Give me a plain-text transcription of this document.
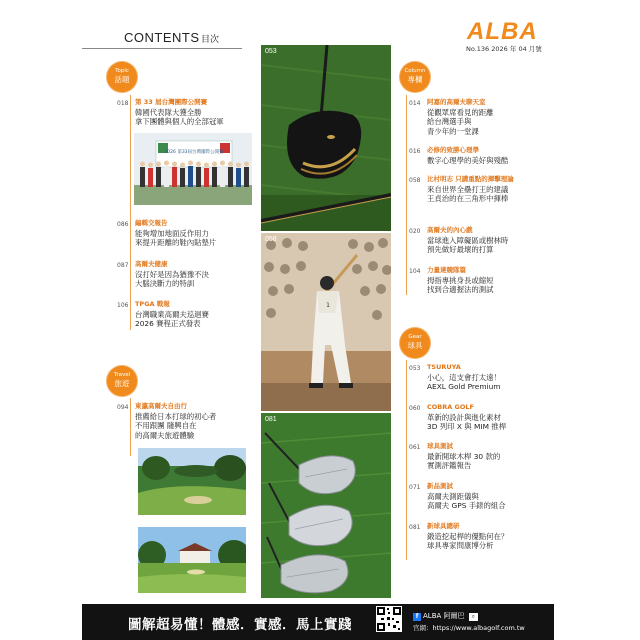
CONTENTS 目次	ALBA
No.136 2026 年 04 月號
Topic
話題
018 第 33 屆台灣團際公開賽
韓國代表隊大獲全勝
拿下團體與個人的全部冠軍
2026 第33屆台灣團際公開賽
086 編輯交報告
能夠增加地面反作用力
來提升距離的鞋內貼墊片
087 高爾夫健康
沒打好是因為猶豫不決
大腦決斷力的特訓
106 TPGA 戰報
台灣職業高爾夫巡迴賽
2026 賽程正式發表
Travel
旅遊
094 東瀛高爾夫自由行
推薦給日本打球的初心者
不用跟團 隨興自在
的高爾夫旅遊體驗
053
1
058
081
Column
專欄
014 阿嘉的高爾夫聊天室
從觀眾席看見的距離
給台灣選手與
青少年的一堂課
016 必修的致勝心理學
數字心理學的美好與殘酷
058 比村明志 只講重點的揮擊理論
來自世界全壘打王的建議
王貞治的在三角形中揮棒
020 高爾夫的內心戲
當球進入障礙區或樹林時
預先做好最壞的打算
104 力量達競隊篇
拇指專挑身長或縮短
找到合適握法的測試
Gear
球具
053 TSURUYA
小心，這支會打太遠！
AEXL Gold Premium
060 COBRA GOLF
革新的設計與進化素材
3D 列印 X 與 MIM 推桿
061 球具測試
最新開球木桿 30 款的
實測評鑑報告
071 新品測試
高爾夫測距儀與
高爾夫 GPS 手錶的組合
081 新球具總研
鍛造挖起桿的優點何在？
球具專家問康博分析
圖解超易懂！體感．實感．馬上實踐
f ALBA 阿爾巴 ⌕
官網：https://www.albagolf.com.tw
